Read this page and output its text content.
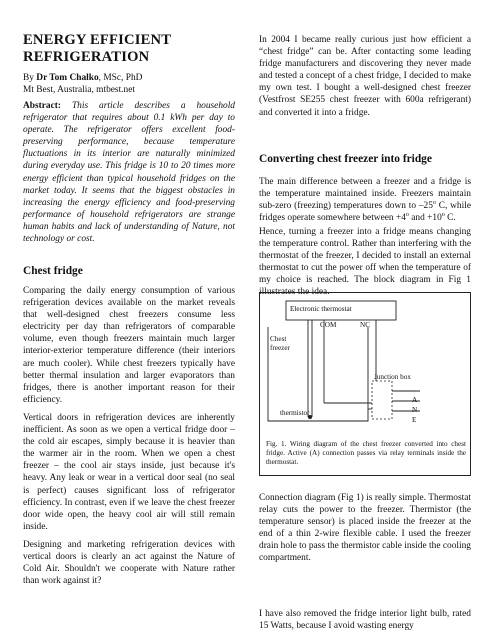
ENERGY EFFICIENT
REFRIGERATION
By Dr Tom Chalko, MSc, PhD
Mt Best, Australia, mtbest.net

Abstract: This article describes a household refrigerator that requires about 0.1 kWh per day to operate. The refrigerator offers excellent food-preserving performance, because temperature fluctuations in its interior are naturally minimized during everyday use. This fridge is 10 to 20 times more energy efficient than typical household fridges on the market today. It seems that the biggest obstacles in increasing the energy efficiency and food-preserving performance of household refrigerators are strange human habits and lack of understanding of Nature, not technology or cost.

Chest fridge

Comparing the daily energy consumption of various refrigeration devices available on the market reveals that well-designed chest freezers consume less electricity per day than refrigerators of comparable volume, even though freezers maintain much larger interior-exterior temperature difference (their interiors are much cooler). While chest freezers typically have better thermal insulation and larger evaporators than fridges, there is another important reason for their efficiency.

Vertical doors in refrigeration devices are inherently inefficient. As soon as we open a vertical fridge door – the cold air escapes, simply because it is heavier than the warmer air in the room. When we open a chest freezer – the cool air stays inside, just because it's heavy. Any leak or wear in a vertical door seal (no seal is perfect) causes significant loss of refrigerator efficiency. In contrast, even if we leave the chest freezer door wide open, the heavy cool air will still remain inside.

Designing and marketing refrigeration devices with vertical doors is clearly an act against the Nature of Cold Air. Shouldn't we cooperate with Nature rather than work against it?

In 2004 I became really curious just how efficient a “chest fridge” can be. After contacting some leading fridge manufacturers and discovering they never made and tested a concept of a chest fridge, I decided to make my own test. I bought a well-designed chest freezer (Vestfrost SE255 chest freezer with 600a refrigerant) and converted it into a fridge.

Converting chest freezer into fridge

The main difference between a freezer and a fridge is the temperature maintained inside. Freezers maintain sub-zero (freezing) temperatures down to –25$^o$ C, while fridges operate somewhere between $+4^o$ and $+10^o$ C.

Hence, turning a freezer into a fridge means changing the temperature control. Rather than interfering with the thermostat of the freezer, I decided to install an external thermostat to cut the power off when the temperature of my choice is reached. The block diagram in Fig 1 illustrates the idea.

Electronic thermostat
COM	NC
Chest
freezer
Junction box
thermistor
A
N
E

Fig. 1. Wiring diagram of the chest freezer converted into chest fridge. Active (A) connection passes via relay terminals inside the thermostat.

Connection diagram (Fig 1) is really simple. Thermostat relay cuts the power to the freezer. Thermistor (the temperature sensor) is placed inside the freezer at the end of a thin 2-wire flexible cable. I used the freezer drain hole to pass the thermistor cable inside the cooling compartment.

I have also removed the fridge interior light bulb, rated 15 Watts, because I avoid wasting energy
